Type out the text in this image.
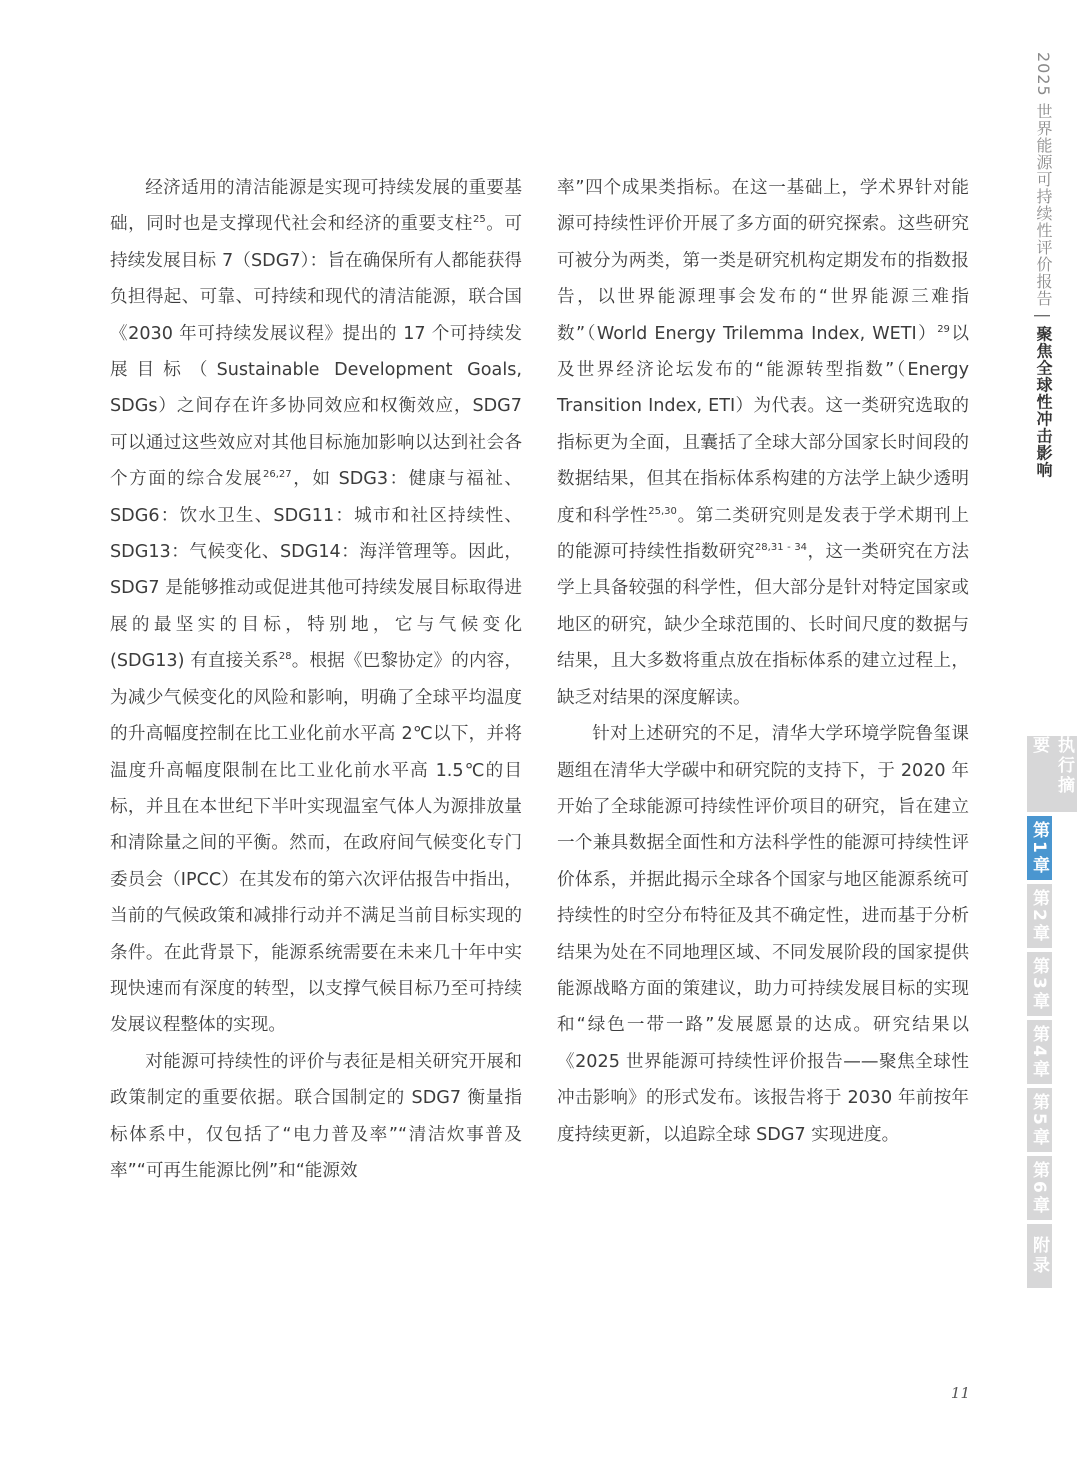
2025 世界能源可持续性评价报告|聚焦全球性冲击影响

经济适用的清洁能源是实现可持续发展的重要基础，同时也是支撑现代社会和经济的重要支柱$^{25}$。可持续发展目标 7（SDG7）：旨在确保所有人都能获得负担得起、可靠、可持续和现代的清洁能源，联合国《2030 年可持续发展议程》提出的 17 个可持续发展目标（Sustainable Development Goals, SDGs）之间存在许多协同效应和权衡效应，SDG7 可以通过这些效应对其他目标施加影响以达到社会各个方面的综合发展$^{26,27}$，如 SDG3：健康与福祉、SDG6：饮水卫生、SDG11：城市和社区持续性、SDG13：气候变化、SDG14：海洋管理等。因此，SDG7 是能够推动或促进其他可持续发展目标取得进展的最坚实的目标，特别地，它与气候变化 (SDG13) 有直接关系$^{28}$。根据《巴黎协定》的内容，为减少气候变化的风险和影响，明确了全球平均温度的升高幅度控制在比工业化前水平高 2℃以下，并将温度升高幅度限制在比工业化前水平高 1.5℃的目标，并且在本世纪下半叶实现温室气体人为源排放量和清除量之间的平衡。然而，在政府间气候变化专门委员会（IPCC）在其发布的第六次评估报告中指出，当前的气候政策和减排行动并不满足当前目标实现的条件。在此背景下，能源系统需要在未来几十年中实现快速而有深度的转型，以支撑气候目标乃至可持续发展议程整体的实现。

对能源可持续性的评价与表征是相关研究开展和政策制定的重要依据。联合国制定的 SDG7 衡量指标体系中，仅包括了“电力普及率”“清洁炊事普及率”“可再生能源比例”和“能源效

率”四个成果类指标。在这一基础上，学术界针对能源可持续性评价开展了多方面的研究探索。这些研究可被分为两类，第一类是研究机构定期发布的指数报告，以世界能源理事会发布的“世界能源三难指数”（World Energy Trilemma Index, WETI）$^{29}$以及世界经济论坛发布的“能源转型指数”（Energy Transition Index, ETI）为代表。这一类研究选取的指标更为全面，且囊括了全球大部分国家长时间段的数据结果，但其在指标体系构建的方法学上缺少透明度和科学性$^{25,30}$。第二类研究则是发表于学术期刊上的能源可持续性指数研究$^{28,31 - 34}$，这一类研究在方法学上具备较强的科学性，但大部分是针对特定国家或地区的研究，缺少全球范围的、长时间尺度的数据与结果，且大多数将重点放在指标体系的建立过程上，缺乏对结果的深度解读。

针对上述研究的不足，清华大学环境学院鲁玺课题组在清华大学碳中和研究院的支持下，于 2020 年开始了全球能源可持续性评价项目的研究，旨在建立一个兼具数据全面性和方法科学性的能源可持续性评价体系，并据此揭示全球各个国家与地区能源系统可持续性的时空分布特征及其不确定性，进而基于分析结果为处在不同地理区域、不同发展阶段的国家提供能源战略方面的策建议，助力可持续发展目标的实现和“绿色一带一路”发展愿景的达成。研究结果以《2025 世界能源可持续性评价报告——聚焦全球性冲击影响》的形式发布。该报告将于 2030 年前按年度持续更新，以追踪全球 SDG7 实现进度。

执行摘要
第1章
第2章
第3章
第4章
第5章
第6章
附录
11
